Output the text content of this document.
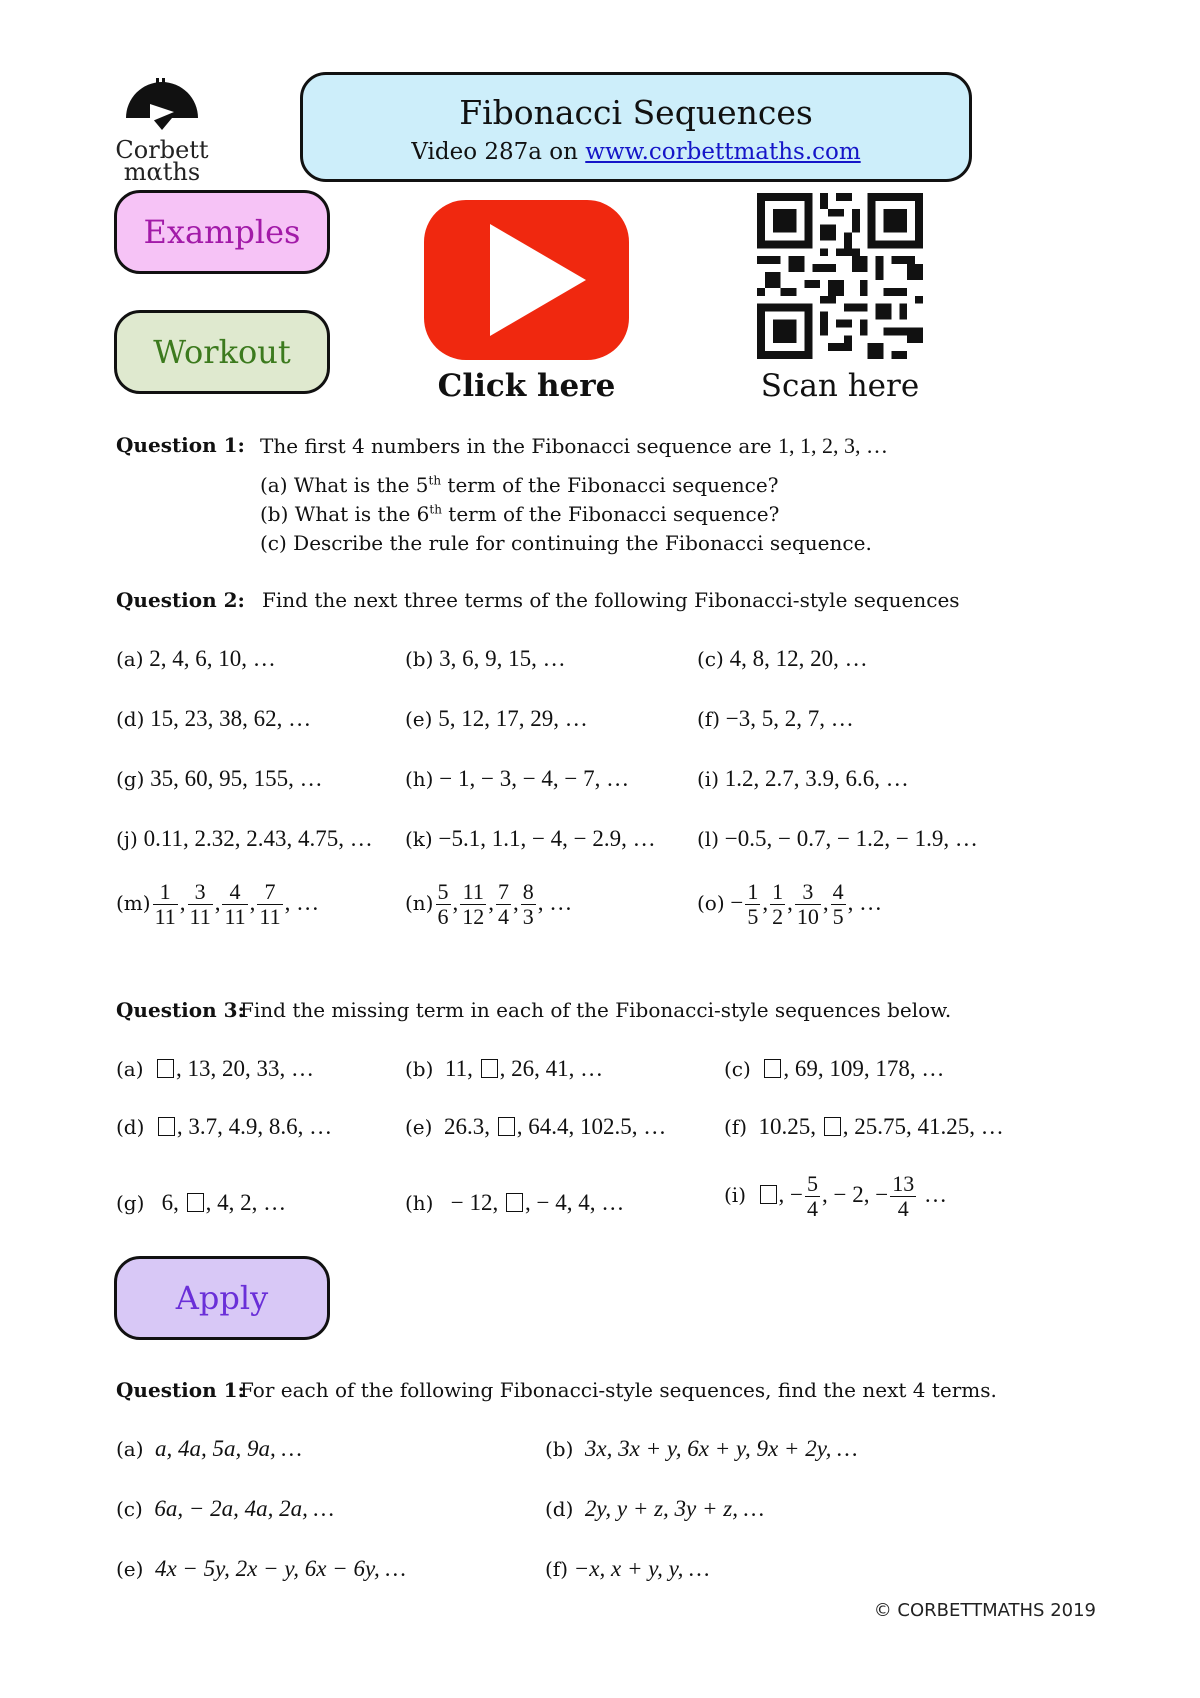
Corbett
mαths
Fibonacci Sequences
Video 287a on www.corbettmaths.com
Examples
Workout
Click here	Scan here
Question 1: The first 4 numbers in the Fibonacci sequence are 1, 1, 2, 3, …
(a) What is the 5th term of the Fibonacci sequence?
(b) What is the 6th term of the Fibonacci sequence?
(c) Describe the rule for continuing the Fibonacci sequence.
Question 2: Find the next three terms of the following Fibonacci-style sequences
(a) 2, 4, 6, 10, …	(b) 3, 6, 9, 15, …	(c) 4, 8, 12, 20, …
(d) 15, 23, 38, 62, …	(e) 5, 12, 17, 29, …	(f) −3, 5, 2, 7, …
(g) 35, 60, 95, 155, …	(h) − 1, − 3, − 4, − 7, …	(i) 1.2, 2.7, 3.9, 6.6, …
(j) 0.11, 2.32, 2.43, 4.75, … (k) −5.1, 1.1, − 4, − 2.9, … (l) −0.5, − 0.7, − 1.2, − 1.9, …
$(m) \frac{1}{11}$ , $\frac{3}{11}$ , $\frac{4}{11}$ , $\frac{7}{11}$ , …	$(n) \frac{5}{6}$ , $\frac{11}{12}$ , $\frac{7}{4}$ , $\frac{8}{3}$ , …	$(o) - \frac{1}{5}$ , $\frac{1}{2}$ , $\frac{3}{10}$ , $\frac{4}{5}$ , …
Question 3:
Find the missing term in each of the Fibonacci-style sequences below.
(a) , 13, 20, 33, …	(b) 11, , 26, 41, …	(c) , 69, 109, 178, …
(d) , 3.7, 4.9, 8.6, …	(e) 26.3, , 64.4, 102.5, …	(f) 10.25, , 25.75, 41.25, …
(g) 6, , 4, 2, …	(h) − 12, , − 4, 4, …	(i) , − $\frac{5}{4}$ , − 2, − $\frac{13}{4}$ …
Apply
Question 1:
For each of the following Fibonacci-style sequences, find the next 4 terms.
(a) a, 4a, 5a, 9a, …	(b) 3x, 3x + y, 6x + y, 9x + 2y, …
(c) 6a, − 2a, 4a, 2a, …	(d) 2y, y + z, 3y + z, …
(e) 4x − 5y, 2x − y, 6x − 6y, …	(f) −x, x + y, y, …
© CORBETTMATHS 2019
